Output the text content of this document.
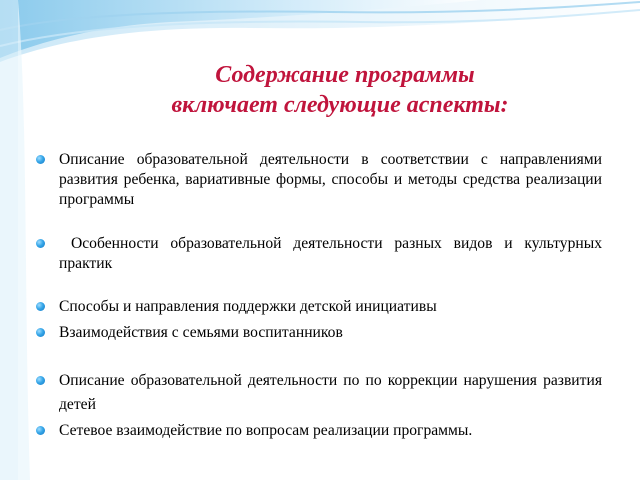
Содержание программы
включает следующие аспекты:
Описание образовательной деятельности в соответствии с направлениями развития ребенка, вариативные формы, способы и методы средства реализации программы
Особенности образовательной деятельности разных видов и культурных практик
Способы и направления поддержки детской инициативы
Взаимодействия с семьями воспитанников
Описание образовательной деятельности по по коррекции нарушения развития детей
Сетевое взаимодействие по вопросам реализации программы.
